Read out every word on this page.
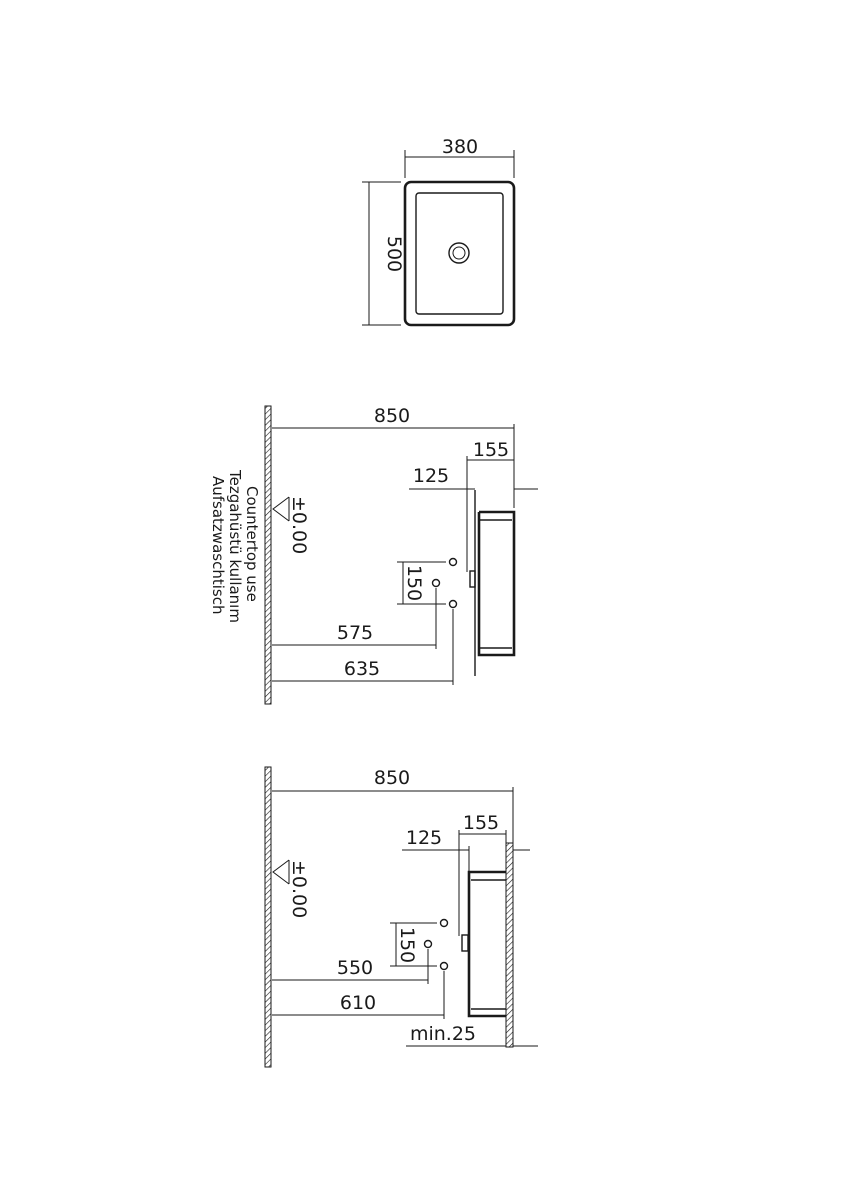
380
500
±0.00
Countertop use
Tezgahüstü kullanım
Aufsatzwaschtisch
850
155
125
150
575
635
±0.00
850
155
125
150
550
610
min.25
